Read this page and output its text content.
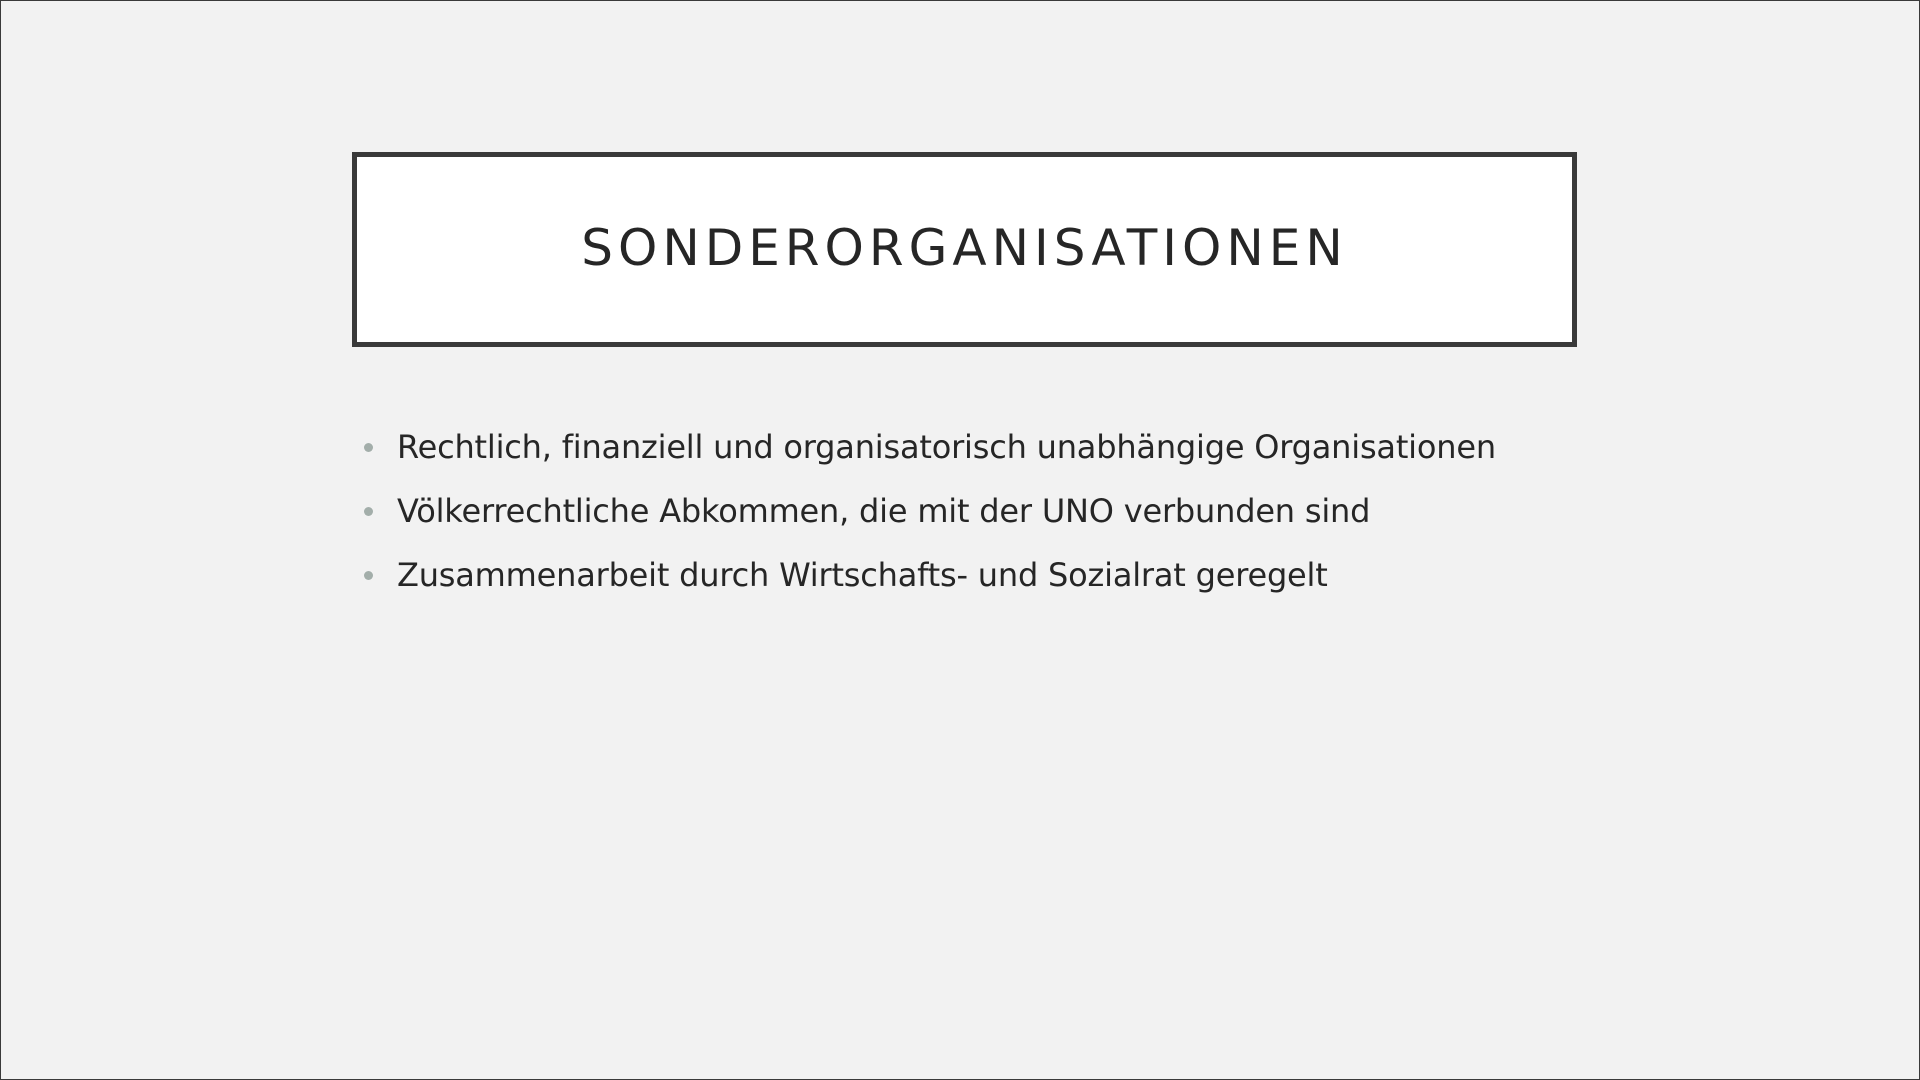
SONDERORGANISATIONEN
Rechtlich, finanziell und organisatorisch unabhängige Organisationen
Völkerrechtliche Abkommen, die mit der UNO verbunden sind
Zusammenarbeit durch Wirtschafts- und Sozialrat geregelt
